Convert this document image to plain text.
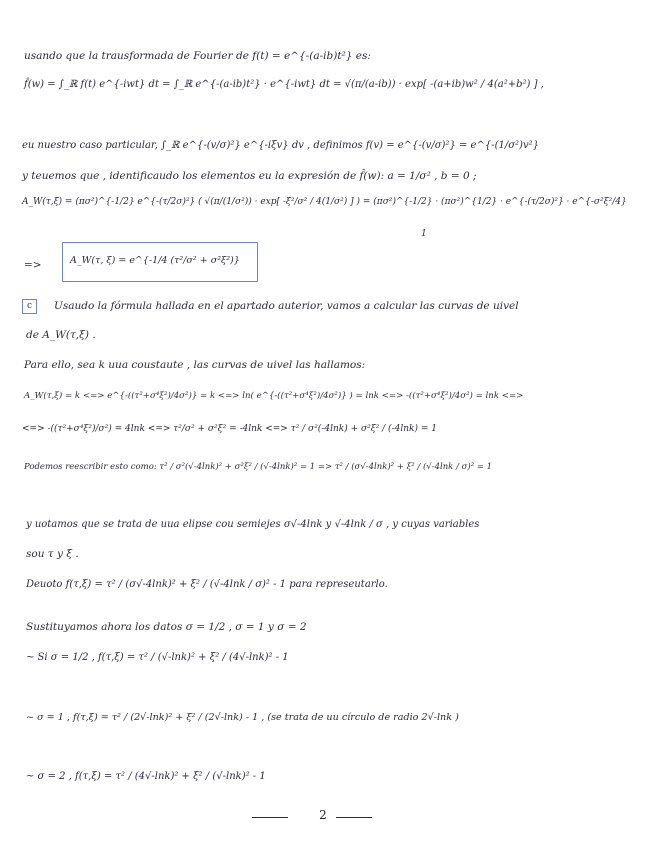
usando que la trausformada de Fourier de f(t) = e^{-(a-ib)t²} es:
f̂(w) = ∫_ℝ f(t) e^{-iwt} dt = ∫_ℝ e^{-(a-ib)t²} · e^{-iwt} dt = √(π/(a-ib)) · exp[ -(a+ib)w² / 4(a²+b²) ] ,
eu nuestro caso particular, ∫_ℝ e^{-(v/σ)²} e^{-iξv} dv , definimos f(v) = e^{-(v/σ)²} = e^{-(1/σ²)v²}
y teuemos que , identificaudo los elementos eu la expresión de f̂(w): a = 1/σ² , b = 0 ;
A_W(τ,ξ) = (πσ²)^{-1/2} e^{-(τ/2σ)²} ( √(π/(1/σ²)) · exp[ -ξ²/σ² / 4(1/σ²) ] ) = (πσ²)^{-1/2} · (πσ²)^{1/2} · e^{-(τ/2σ)²} · e^{-σ²ξ²/4}
1
=>	A_W(τ, ξ) = e^{-1/4 (τ²/σ² + σ²ξ²)}
c	Usaudo la fórmula hallada en el apartado auterior, vamos a calcular las curvas de uivel
de A_W(τ,ξ) .
Para ello, sea k uua coustaute , las curvas de uivel las hallamos:
A_W(τ,ξ) = k <=> e^{-((τ²+σ⁴ξ²)/4σ²)} = k <=> ln( e^{-((τ²+σ⁴ξ²)/4σ²)} ) = lnk <=> -((τ²+σ⁴ξ²)/4σ²) = lnk <=>
<=> -((τ²+σ⁴ξ²)/σ²) = 4lnk <=> τ²/σ² + σ²ξ² = -4lnk <=> τ² / σ²(-4lnk) + σ²ξ² / (-4lnk) = 1
Podemos reescribir esto como: τ² / σ²(√-4lnk)² + σ²ξ² / (√-4lnk)² = 1 => τ² / (σ√-4lnk)² + ξ² / (√-4lnk / σ)² = 1
y uotamos que se trata de uua elipse cou semiejes σ√-4lnk y √-4lnk / σ , y cuyas variables
sou τ y ξ .
Deuoto f(τ,ξ) = τ² / (σ√-4lnk)² + ξ² / (√-4lnk / σ)² - 1 para represeutarlo.
Sustituyamos ahora los datos σ = 1/2 , σ = 1 y σ = 2
~ Si σ = 1/2 , f(τ,ξ) = τ² / (√-lnk)² + ξ² / (4√-lnk)² - 1
~ σ = 1 , f(τ,ξ) = τ² / (2√-lnk)² + ξ² / (2√-lnk) - 1 , (se trata de uu círculo de radio 2√-lnk )
~ σ = 2 , f(τ,ξ) = τ² / (4√-lnk)² + ξ² / (√-lnk)² - 1
2
